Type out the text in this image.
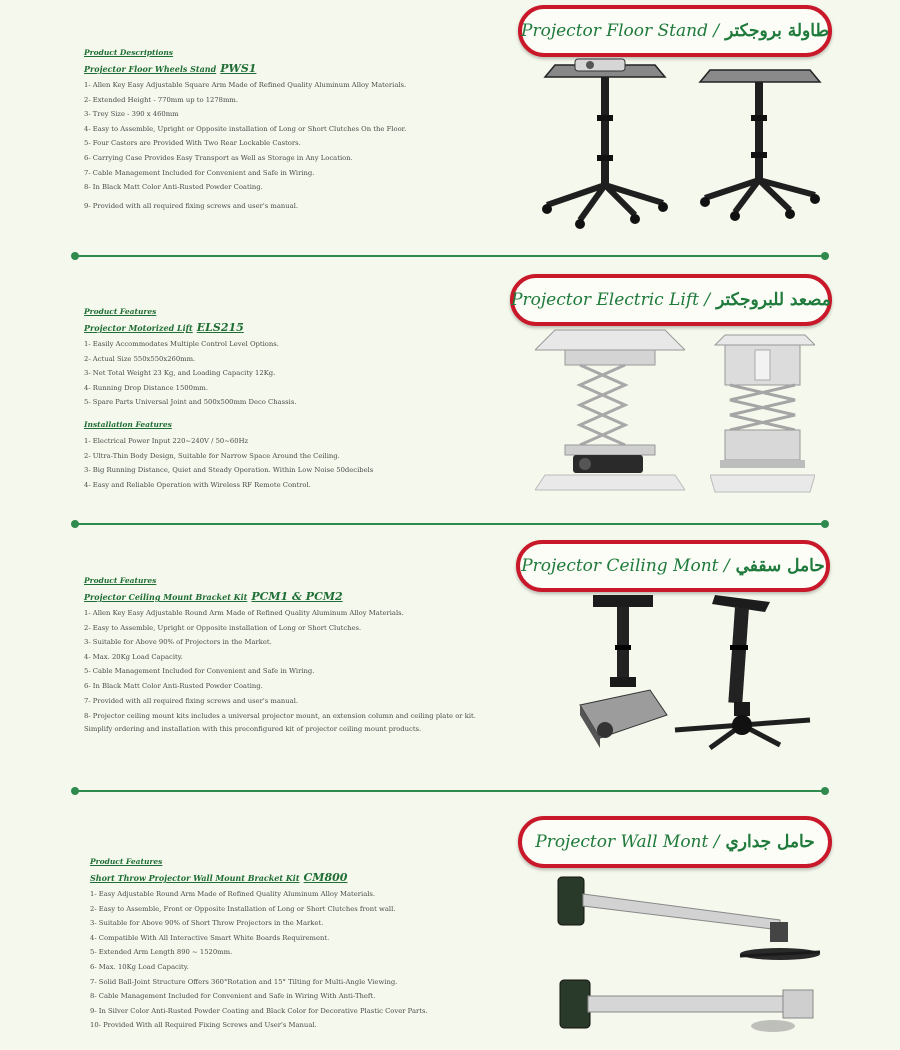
Projector Floor Stand / طاولة بروجكتر
Product Descriptions
Projector Floor Wheels Stand PWS1
1- Allen Key Easy Adjustable Square Arm Made of Refined Quality Aluminum Alloy Materials.
2- Extended Height - 770mm up to 1278mm.
3- Trey Size - 390 x 460mm
4- Easy to Assemble, Upright or Opposite installation of Long or Short Clutches On the Floor.
5- Four Castors are Provided With Two Rear Lockable Castors.
6- Carrying Case Provides Easy Transport as Well as Storage in Any Location.
7- Cable Management Included for Convenient and Safe in Wiring.
8- In Black Matt Color Anti-Rusted Powder Coating.
9- Provided with all required fixing screws and user's manual.
Projector Electric Lift / مصعد للبروجكتر
Product Features
Projector Motorized Lift ELS215
1- Easily Accommodates Multiple Control Level Options.
2- Actual Size 550x550x260mm.
3- Net Total Weight 23 Kg, and Loading Capacity 12Kg.
4- Running Drop Distance 1500mm.
5- Spare Parts Universal Joint and 500x500mm Deco Chassis.
Installation Features
1- Electrical Power Input 220~240V / 50~60Hz
2- Ultra-Thin Body Design, Suitable for Narrow Space Around the Ceiling.
3- Big Running Distance, Quiet and Steady Operation. Within Low Noise 50decibels
4- Easy and Reliable Operation with Wireless RF Remote Control.
Projector Ceiling Mont / حامل سقفي
Product Features
Projector Ceiling Mount Bracket Kit PCM1 & PCM2
1- Allen Key Easy Adjustable Round Arm Made of Refined Quality Aluminum Alloy Materials.
2- Easy to Assemble, Upright or Opposite installation of Long or Short Clutches.
3- Suitable for Above 90% of Projectors in the Market.
4- Max. 20Kg Load Capacity.
5- Cable Management Included for Convenient and Safe in Wiring.
6- In Black Matt Color Anti-Rusted Powder Coating.
7- Provided with all required fixing screws and user's manual.
8- Projector ceiling mount kits includes a universal projector mount, an extension column and ceiling plate or kit. Simplify ordering and installation with this preconfigured kit of projector ceiling mount products.
Projector Wall Mont / حامل جداري
Product Features
Short Throw Projector Wall Mount Bracket Kit CM800
1- Easy Adjustable Round Arm Made of Refined Quality Aluminum Alloy Materials.
2- Easy to Assemble, Front or Opposite Installation of Long or Short Clutches front wall.
3- Suitable for Above 90% of Short Throw Projectors in the Market.
4- Compatible With All Interactive Smart White Boards Requirement.
5- Extended Arm Length 890 ~ 1520mm.
6- Max. 10Kg Load Capacity.
7- Solid Ball-Joint Structure Offers 360°Rotation and 15° Tilting for Multi-Angle Viewing.
8- Cable Management Included for Convenient and Safe in Wiring With Anti-Theft.
9- In Silver Color Anti-Rusted Powder Coating and Black Color for Decorative Plastic Cover Parts.
10- Provided With all Required Fixing Screws and User's Manual.
